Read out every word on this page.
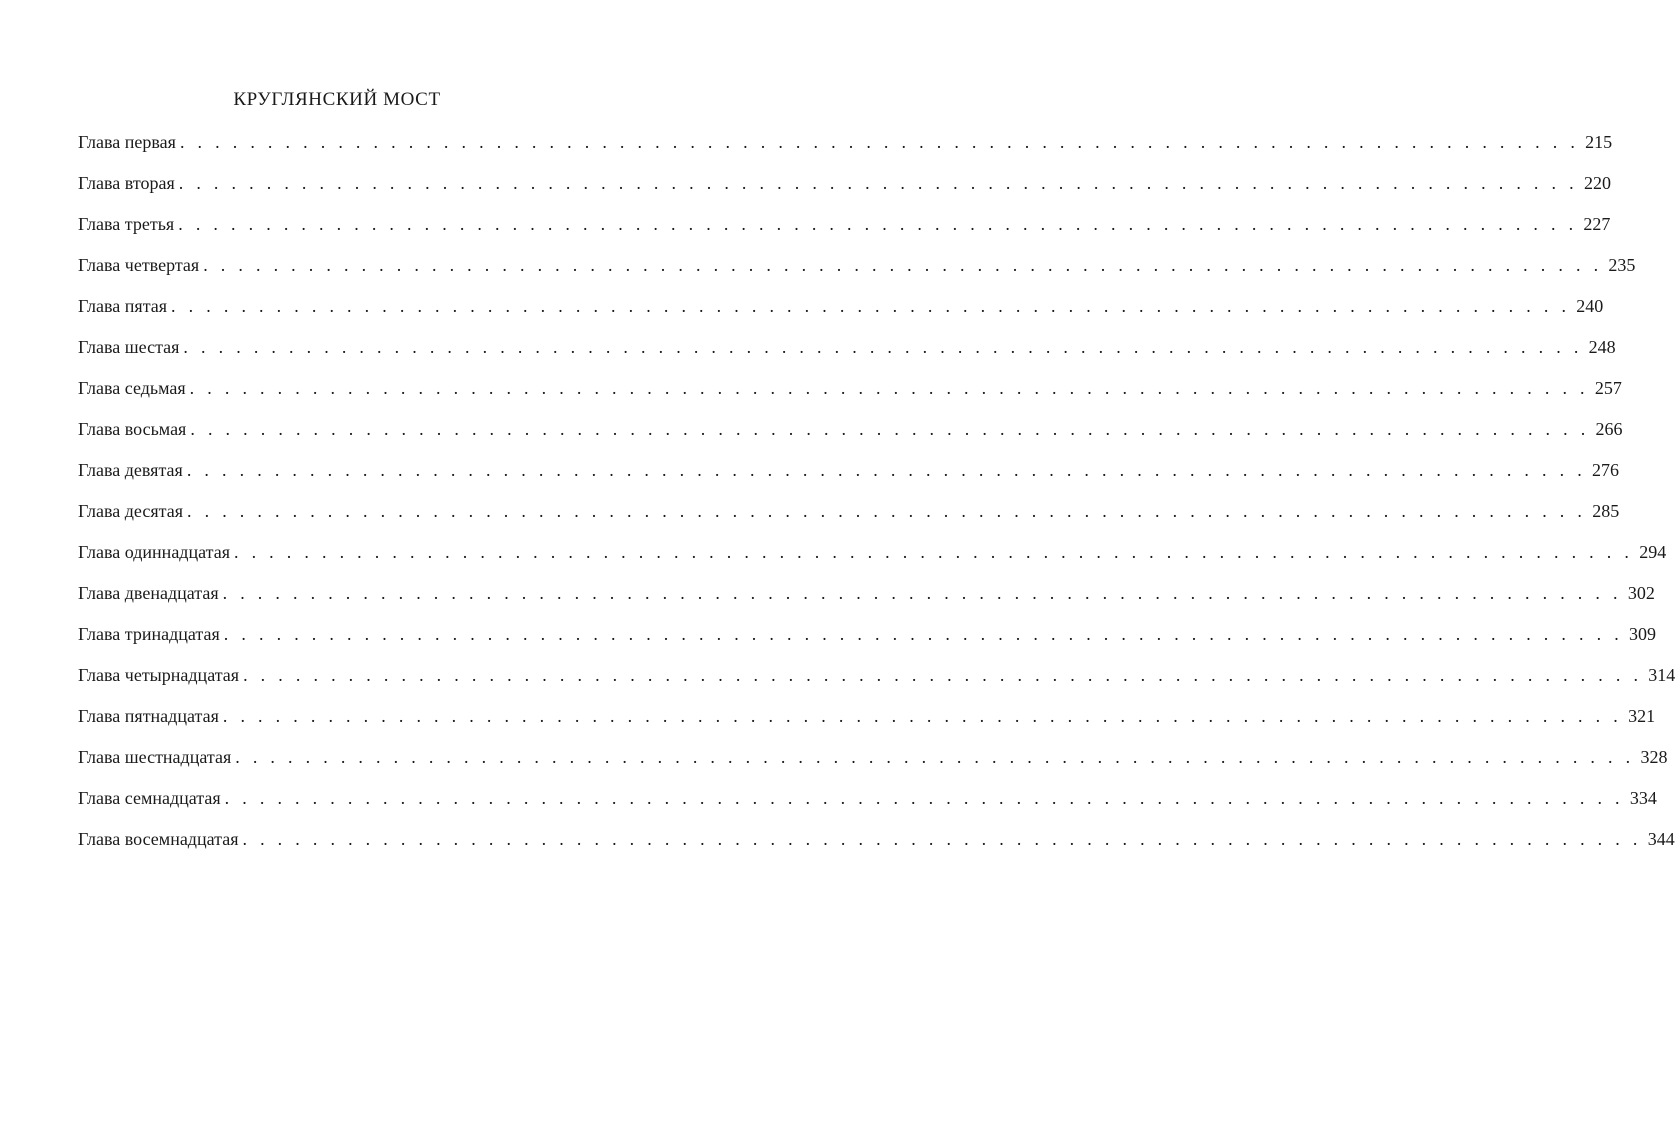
КРУГЛЯНСКИЙ МОСТ
Глава первая . . . . . . . . . . . . . . . . . . . . . . . . . . . . . . . . . . . . . . . . . . . . . . . . . . . . . . . . . . . . . . . . . . . . . . . . . . . . . . . . 215
Глава вторая . . . . . . . . . . . . . . . . . . . . . . . . . . . . . . . . . . . . . . . . . . . . . . . . . . . . . . . . . . . . . . . . . . . . . . . . . . . . . . . . 220
Глава третья . . . . . . . . . . . . . . . . . . . . . . . . . . . . . . . . . . . . . . . . . . . . . . . . . . . . . . . . . . . . . . . . . . . . . . . . . . . . . . . . 227
Глава четвертая . . . . . . . . . . . . . . . . . . . . . . . . . . . . . . . . . . . . . . . . . . . . . . . . . . . . . . . . . . . . . . . . . . . . . . . . . . . . . . . . 235
Глава пятая . . . . . . . . . . . . . . . . . . . . . . . . . . . . . . . . . . . . . . . . . . . . . . . . . . . . . . . . . . . . . . . . . . . . . . . . . . . . . . . . 240
Глава шестая . . . . . . . . . . . . . . . . . . . . . . . . . . . . . . . . . . . . . . . . . . . . . . . . . . . . . . . . . . . . . . . . . . . . . . . . . . . . . . . . 248
Глава седьмая . . . . . . . . . . . . . . . . . . . . . . . . . . . . . . . . . . . . . . . . . . . . . . . . . . . . . . . . . . . . . . . . . . . . . . . . . . . . . . . . 257
Глава восьмая . . . . . . . . . . . . . . . . . . . . . . . . . . . . . . . . . . . . . . . . . . . . . . . . . . . . . . . . . . . . . . . . . . . . . . . . . . . . . . . . 266
Глава девятая . . . . . . . . . . . . . . . . . . . . . . . . . . . . . . . . . . . . . . . . . . . . . . . . . . . . . . . . . . . . . . . . . . . . . . . . . . . . . . . . 276
Глава десятая . . . . . . . . . . . . . . . . . . . . . . . . . . . . . . . . . . . . . . . . . . . . . . . . . . . . . . . . . . . . . . . . . . . . . . . . . . . . . . . . 285
Глава одиннадцатая . . . . . . . . . . . . . . . . . . . . . . . . . . . . . . . . . . . . . . . . . . . . . . . . . . . . . . . . . . . . . . . . . . . . . . . . . . . . . . . . 294
Глава двенадцатая . . . . . . . . . . . . . . . . . . . . . . . . . . . . . . . . . . . . . . . . . . . . . . . . . . . . . . . . . . . . . . . . . . . . . . . . . . . . . . . . 302
Глава тринадцатая . . . . . . . . . . . . . . . . . . . . . . . . . . . . . . . . . . . . . . . . . . . . . . . . . . . . . . . . . . . . . . . . . . . . . . . . . . . . . . . . 309
Глава четырнадцатая . . . . . . . . . . . . . . . . . . . . . . . . . . . . . . . . . . . . . . . . . . . . . . . . . . . . . . . . . . . . . . . . . . . . . . . . . . . . . . . . 314
Глава пятнадцатая . . . . . . . . . . . . . . . . . . . . . . . . . . . . . . . . . . . . . . . . . . . . . . . . . . . . . . . . . . . . . . . . . . . . . . . . . . . . . . . . 321
Глава шестнадцатая . . . . . . . . . . . . . . . . . . . . . . . . . . . . . . . . . . . . . . . . . . . . . . . . . . . . . . . . . . . . . . . . . . . . . . . . . . . . . . . . 328
Глава семнадцатая . . . . . . . . . . . . . . . . . . . . . . . . . . . . . . . . . . . . . . . . . . . . . . . . . . . . . . . . . . . . . . . . . . . . . . . . . . . . . . . . 334
Глава восемнадцатая . . . . . . . . . . . . . . . . . . . . . . . . . . . . . . . . . . . . . . . . . . . . . . . . . . . . . . . . . . . . . . . . . . . . . . . . . . . . . . . . 344
